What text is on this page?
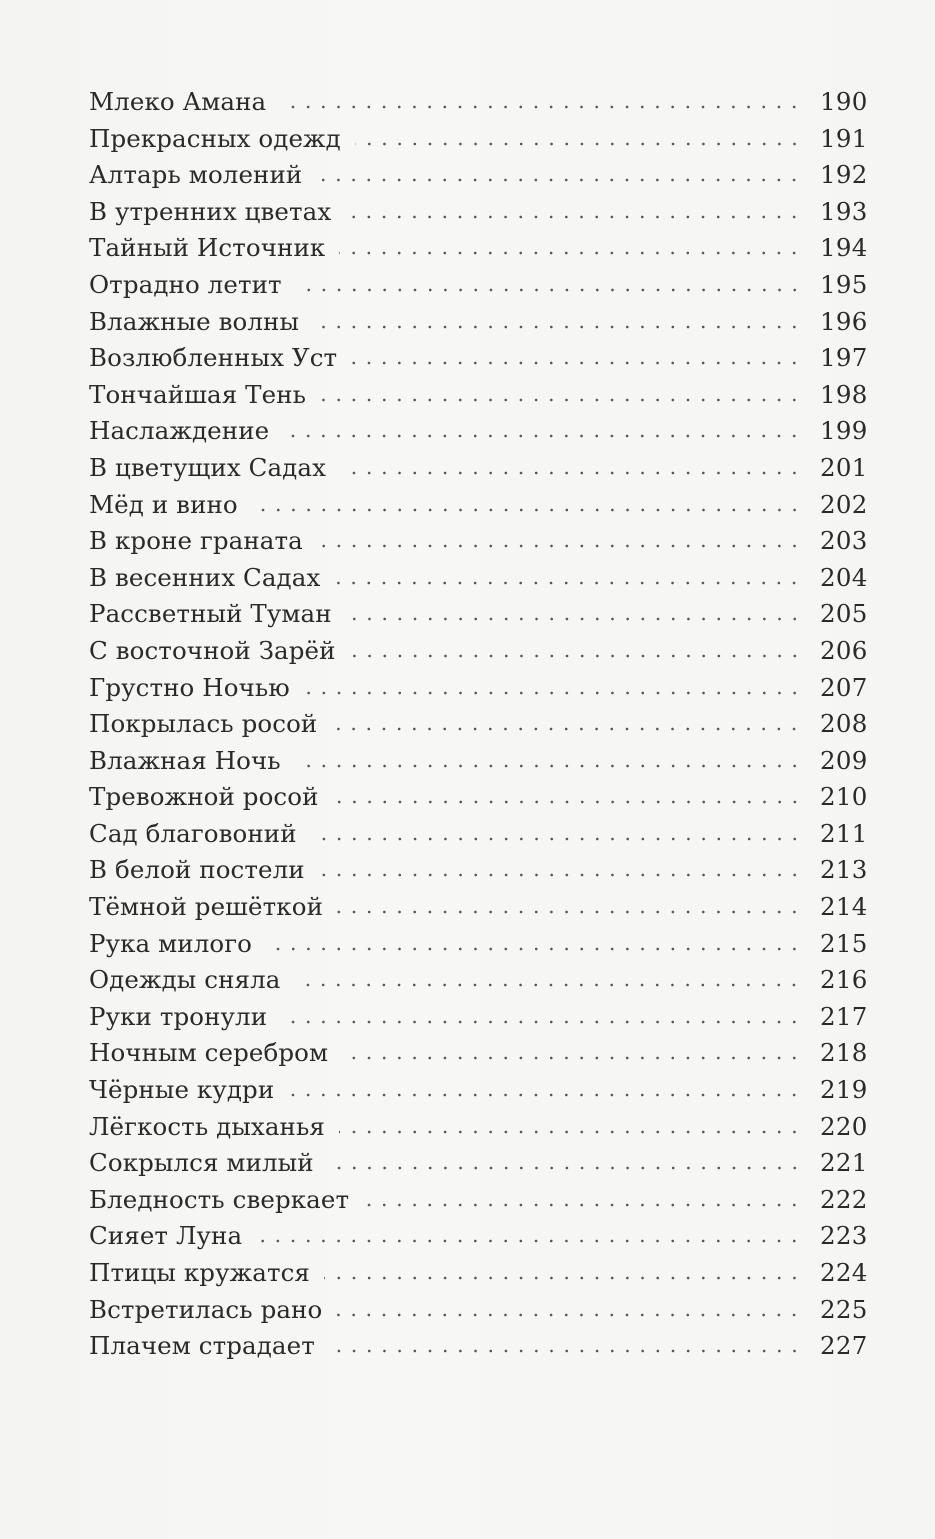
Млеко Амана	190
Прекрасных одежд	191
Алтарь молений	192
В утренних цветах	193
Тайный Источник	194
Отрадно летит	195
Влажные волны	196
Возлюбленных Уст	197
Тончайшая Тень	198
Наслаждение	199
В цветущих Садах	201
Мёд и вино	202
В кроне граната	203
В весенних Садах	204
Рассветный Туман	205
С восточной Зарёй	206
Грустно Ночью	207
Покрылась росой	208
Влажная Ночь	209
Тревожной росой	210
Сад благовоний	211
В белой постели	213
Тёмной решёткой	214
Рука милого	215
Одежды сняла	216
Руки тронули	217
Ночным серебром	218
Чёрные кудри	219
Лёгкость дыханья	220
Сокрылся милый	221
Бледность сверкает	222
Сияет Луна	223
Птицы кружатся	224
Встретилась рано	225
Плачем страдает	227
